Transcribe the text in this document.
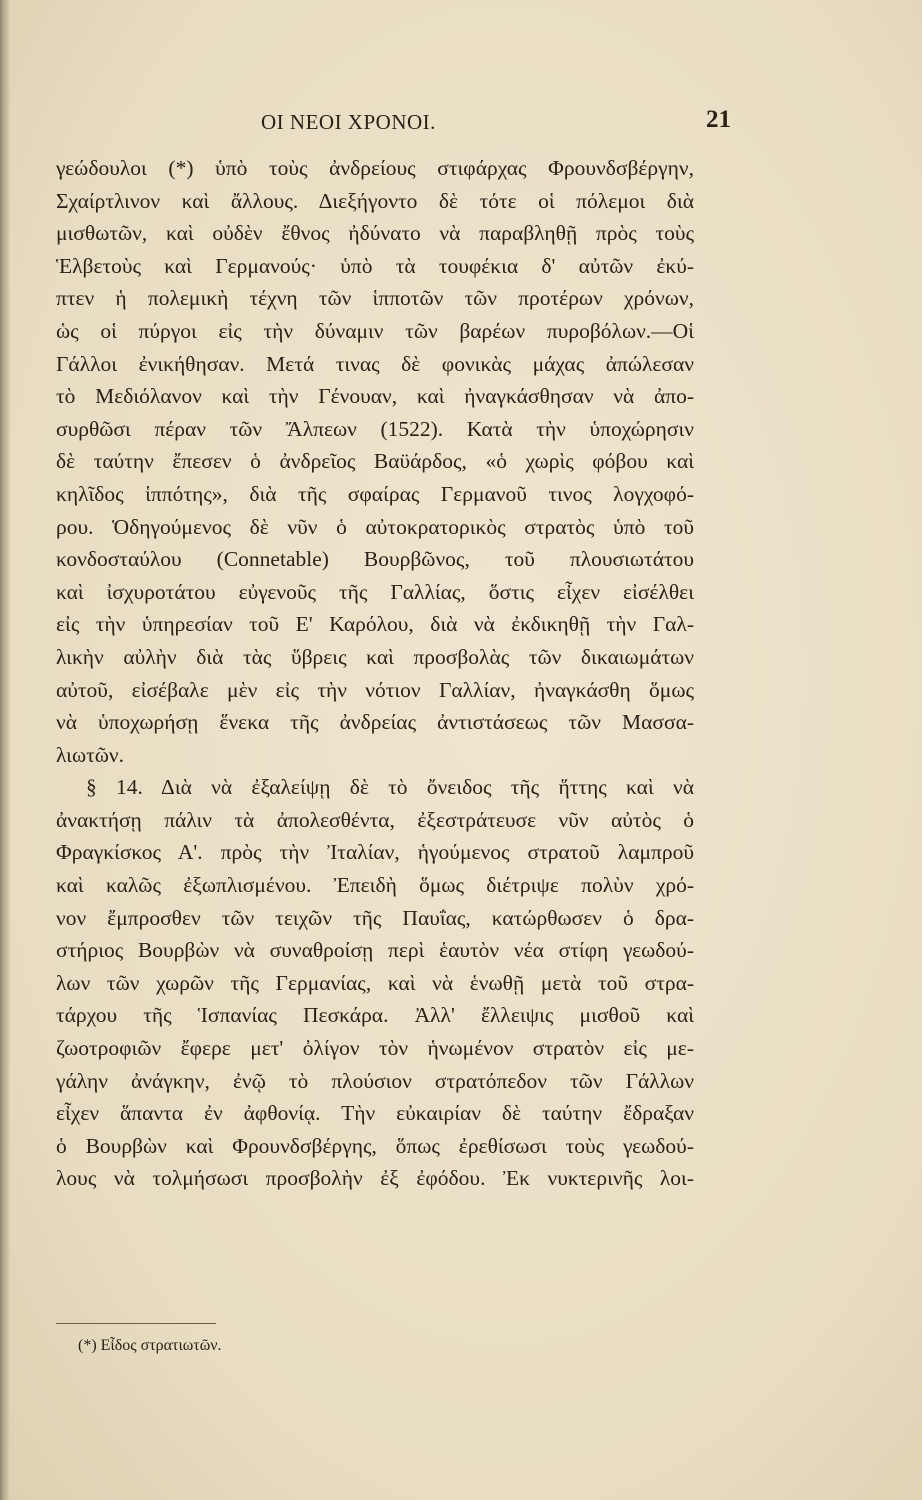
ΟΙ ΝΕΟΙ ΧΡΟΝΟΙ.	21
γεώδουλοι (*) ὑπὸ τοὺς ἀνδρείους στιφάρχας Φρουνδσβέργην,
Σχαίρτλινον καὶ ἄλλους. Διεξήγοντο δὲ τότε οἱ πόλεμοι διὰ
μισθωτῶν, καὶ οὐδὲν ἔθνος ἠδύνατο νὰ παραβληθῇ πρὸς τοὺς
Ἑλβετοὺς καὶ Γερμανούς· ὑπὸ τὰ τουφέκια δ' αὐτῶν ἐκύ-
πτεν ἡ πολεμικὴ τέχνη τῶν ἱπποτῶν τῶν προτέρων χρόνων,
ὡς οἱ πύργοι εἰς τὴν δύναμιν τῶν βαρέων πυροβόλων.—Οἱ
Γάλλοι ἐνικήθησαν. Μετά τινας δὲ φονικὰς μάχας ἀπώλεσαν
τὸ Μεδιόλανον καὶ τὴν Γένουαν, καὶ ἠναγκάσθησαν νὰ ἀπο-
συρθῶσι πέραν τῶν Ἄλπεων (1522). Κατὰ τὴν ὑποχώρησιν
δὲ ταύτην ἔπεσεν ὁ ἀνδρεῖος Βαϋάρδος, «ὁ χωρὶς φόβου καὶ
κηλῖδος ἱππότης», διὰ τῆς σφαίρας Γερμανοῦ τινος λογχοφό-
ρου. Ὁδηγούμενος δὲ νῦν ὁ αὐτοκρατορικὸς στρατὸς ὑπὸ τοῦ
κονδοσταύλου (Connetable) Βουρβῶνος, τοῦ πλουσιωτάτου
καὶ ἰσχυροτάτου εὐγενοῦς τῆς Γαλλίας, ὅστις εἶχεν εἰσέλθει
εἰς τὴν ὑπηρεσίαν τοῦ Ε' Καρόλου, διὰ νὰ ἐκδικηθῇ τὴν Γαλ-
λικὴν αὐλὴν διὰ τὰς ὕβρεις καὶ προσβολὰς τῶν δικαιωμάτων
αὐτοῦ, εἰσέβαλε μὲν εἰς τὴν νότιον Γαλλίαν, ἠναγκάσθη ὅμως
νὰ ὑποχωρήσῃ ἕνεκα τῆς ἀνδρείας ἀντιστάσεως τῶν Μασσα-
λιωτῶν.
§ 14. Διὰ νὰ ἐξαλείψῃ δὲ τὸ ὄνειδος τῆς ἥττης καὶ νὰ
ἀνακτήσῃ πάλιν τὰ ἀπολεσθέντα, ἐξεστράτευσε νῦν αὐτὸς ὁ
Φραγκίσκος Α'. πρὸς τὴν Ἰταλίαν, ἡγούμενος στρατοῦ λαμπροῦ
καὶ καλῶς ἐξωπλισμένου. Ἐπειδὴ ὅμως διέτριψε πολὺν χρό-
νον ἔμπροσθεν τῶν τειχῶν τῆς Παυΐας, κατώρθωσεν ὁ δρα-
στήριος Βουρβὼν νὰ συναθροίσῃ περὶ ἑαυτὸν νέα στίφη γεωδού-
λων τῶν χωρῶν τῆς Γερμανίας, καὶ νὰ ἑνωθῇ μετὰ τοῦ στρα-
τάρχου τῆς Ἱσπανίας Πεσκάρα. Ἀλλ' ἔλλειψις μισθοῦ καὶ
ζωοτροφιῶν ἔφερε μετ' ὀλίγον τὸν ἡνωμένον στρατὸν εἰς με-
γάλην ἀνάγκην, ἐνῷ τὸ πλούσιον στρατόπεδον τῶν Γάλλων
εἶχεν ἅπαντα ἐν ἀφθονίᾳ. Τὴν εὐκαιρίαν δὲ ταύτην ἔδραξαν
ὁ Βουρβὼν καὶ Φρουνδσβέργης, ὅπως ἐρεθίσωσι τοὺς γεωδού-
λους νὰ τολμήσωσι προσβολὴν ἐξ ἐφόδου. Ἐκ νυκτερινῆς λοι-
(*) Εἶδος στρατιωτῶν.
